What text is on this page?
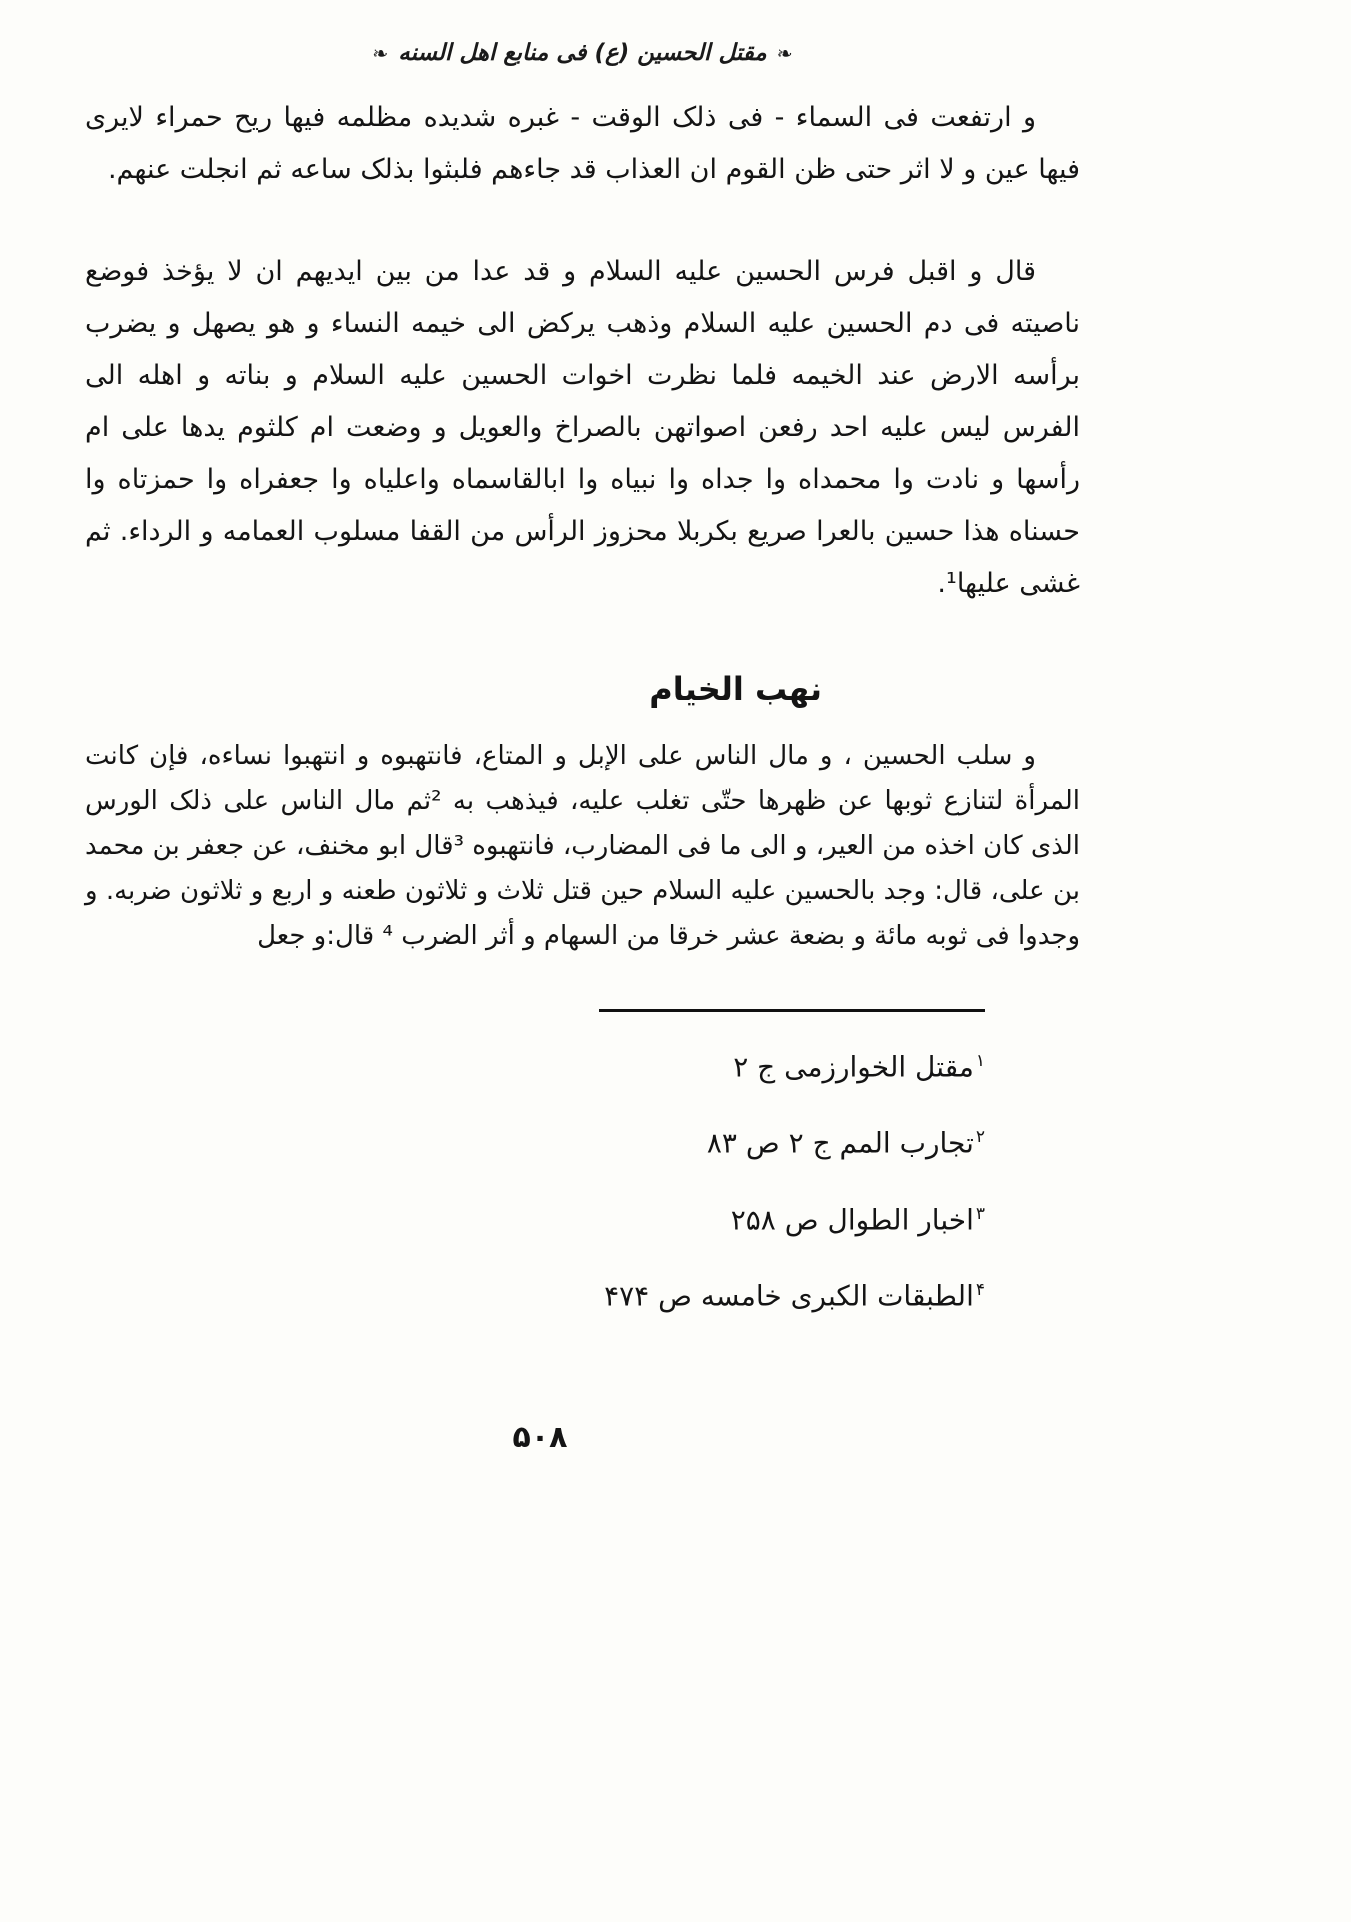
❧مقتل الحسين (ع) فى منابع اهل السنه❧

و ارتفعت فى السماء - فى ذلک الوقت - غبره شديده مظلمه فيها ريح حمراء لايرى فيها عين و لا اثر حتى ظن القوم ان العذاب قد جاءهم فلبثوا بذلک ساعه ثم انجلت عنهم.

قال و اقبل فرس الحسين عليه السلام و قد عدا من بين ايديهم ان لا يؤخذ فوضع ناصيته فى دم الحسين عليه السلام وذهب يركض الى خيمه النساء و هو يصهل و يضرب برأسه الارض عند الخيمه فلما نظرت اخوات الحسين عليه السلام و بناته و اهله الى الفرس ليس عليه احد رفعن اصواتهن بالصراخ والعويل و وضعت ام كلثوم يدها على ام رأسها و نادت وا محمداه وا جداه وا نبياه وا ابالقاسماه واعلياه وا جعفراه وا حمزتاه وا حسناه هذا حسين بالعرا صريع بكربلا محزوز الرأس من القفا مسلوب العمامه و الرداء. ثم غشى عليها¹.

نهب الخيام

و سلب الحسين ، و مال الناس على الإبل و المتاع، فانتهبوه و انتهبوا نساءه، فإن كانت المرأة لتنازع ثوبها عن ظهرها حتّى تغلب عليه، فيذهب به ²ثم مال الناس على ذلک الورس الذى كان اخذه من العير، و الى ما فى المضارب، فانتهبوه ³قال ابو مخنف، عن جعفر بن محمد بن على، قال: وجد بالحسين عليه السلام حين قتل ثلاث و ثلاثون طعنه و اربع و ثلاثون ضربه. و وجدوا فى ثوبه مائة و بضعة عشر خرقا من السهام و أثر الضرب ⁴ قال:و جعل

$^۱$مقتل الخوارزمى ج ۲
$^۲$تجارب المم ج ۲ ص ۸۳
$^۳$اخبار الطوال ص ۲۵۸
$^۴$الطبقات الكبرى خامسه ص ۴۷۴
۵۰۸
